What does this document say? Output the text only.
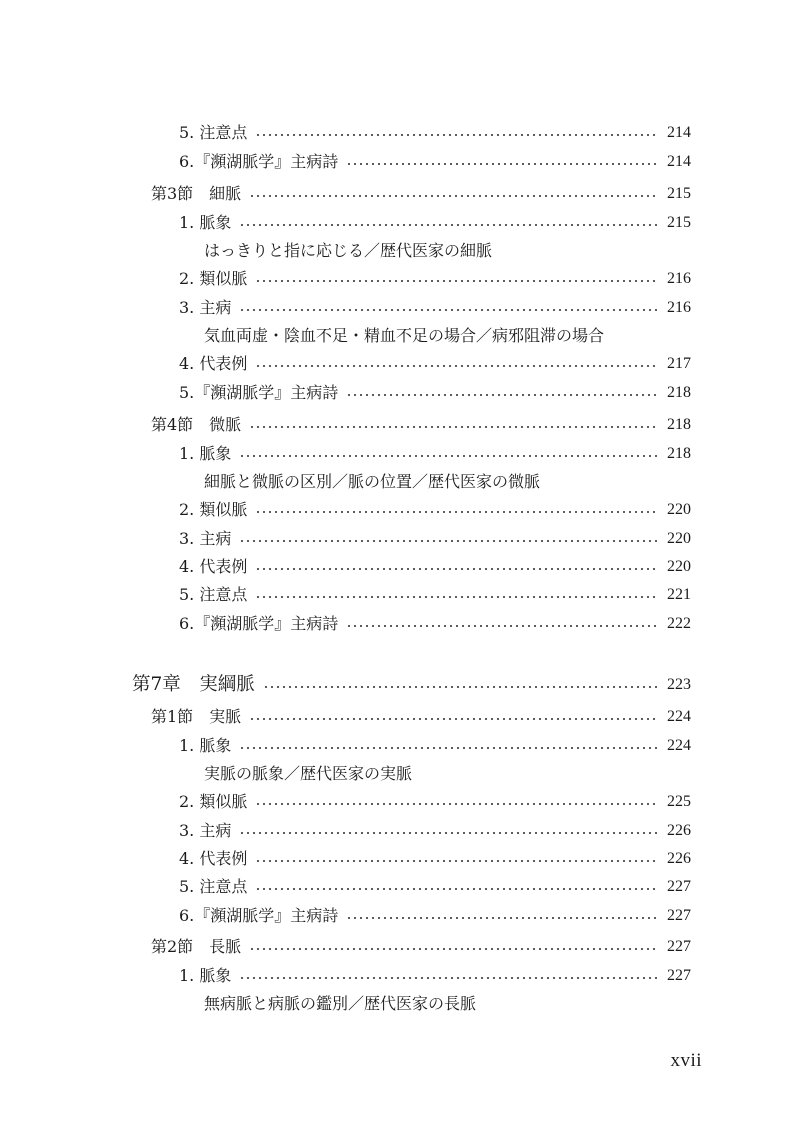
5. 注意点	214
6.『瀕湖脈学』主病詩	214
第3節　細脈	215
1. 脈象	215
はっきりと指に応じる／歴代医家の細脈
2. 類似脈	216
3. 主病	216
気血両虚・陰血不足・精血不足の場合／病邪阻滞の場合
4. 代表例	217
5.『瀕湖脈学』主病詩	218
第4節　微脈	218
1. 脈象	218
細脈と微脈の区別／脈の位置／歴代医家の微脈
2. 類似脈	220
3. 主病	220
4. 代表例	220
5. 注意点	221
6.『瀕湖脈学』主病詩	222
第7章　実綱脈	223
第1節　実脈	224
1. 脈象	224
実脈の脈象／歴代医家の実脈
2. 類似脈	225
3. 主病	226
4. 代表例	226
5. 注意点	227
6.『瀕湖脈学』主病詩	227
第2節　長脈	227
1. 脈象	227
無病脈と病脈の鑑別／歴代医家の長脈
xvii
